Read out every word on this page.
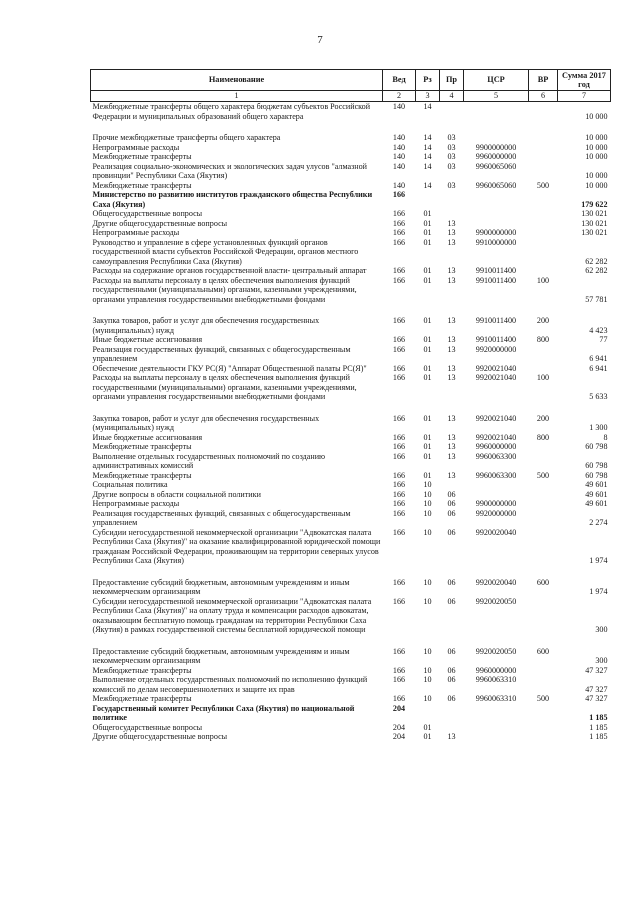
7
Наименование	Вед	Рз	Пр	ЦСР	ВР	Сумма 2017 год
1	2	3	4	5	6	7
Межбюджетные трансферты общего характера бюджетам субъектов Российской Федерации и муниципальных образований общего характера	140	14				10 000

Прочие межбюджетные трансферты общего характера	140	14	03			10 000
Непрограммные расходы	140	14	03	9900000000		10 000
Межбюджетные трансферты	140	14	03	9960000000		10 000
Реализация социально-экономических и экологических задач улусов "алмазной провинции" Республики Саха (Якутия)	140	14	03	9960065060		10 000
Межбюджетные трансферты	140	14	03	9960065060	500	10 000
Министерство по развитию институтов гражданского общества Республики Саха (Якутия)	166					179 622
Общегосударственные вопросы	166	01				130 021
Другие общегосударственные вопросы	166	01	13			130 021
Непрограммные расходы	166	01	13	9900000000		130 021
Руководство и управление в сфере установленных функций органов государственной власти субъектов Российской Федерации, органов местного самоуправления Республики Саха (Якутия)	166	01	13	9910000000		62 282
Расходы на содержание органов государственной власти- центральный аппарат	166	01	13	9910011400		62 282
Расходы на выплаты персоналу в целях обеспечения выполнения функций государственными (муниципальными) органами, казенными учреждениями, органами управления государственными внебюджетными фондами	166	01	13	9910011400	100	57 781

Закупка товаров, работ и услуг для обеспечения государственных (муниципальных) нужд	166	01	13	9910011400	200	4 423
Иные бюджетные ассигнования	166	01	13	9910011400	800	77
Реализация государственных функций, связанных с общегосударственным управлением	166	01	13	9920000000		6 941
Обеспечение деятельности ГКУ РС(Я) "Аппарат Общественной палаты РС(Я)"	166	01	13	9920021040		6 941
Расходы на выплаты персоналу в целях обеспечения выполнения функций государственными (муниципальными) органами, казенными учреждениями, органами управления государственными внебюджетными фондами	166	01	13	9920021040	100	5 633

Закупка товаров, работ и услуг для обеспечения государственных (муниципальных) нужд	166	01	13	9920021040	200	1 300
Иные бюджетные ассигнования	166	01	13	9920021040	800	8
Межбюджетные трансферты	166	01	13	9960000000		60 798
Выполнение отдельных государственных полномочий по созданию административных комиссий	166	01	13	9960063300		60 798
Межбюджетные трансферты	166	01	13	9960063300	500	60 798
Социальная политика	166	10				49 601
Другие вопросы в области социальной политики	166	10	06			49 601
Непрограммные расходы	166	10	06	9900000000		49 601
Реализация государственных функций, связанных с общегосударственным управлением	166	10	06	9920000000		2 274
Субсидии негосударственной некоммерческой организации "Адвокатская палата Республики Саха (Якутия)" на оказание квалифицированной юридической помощи гражданам Российской Федерации, проживающим на территории северных улусов Республики Саха (Якутия)	166	10	06	9920020040		1 974

Предоставление субсидий бюджетным, автономным учреждениям и иным некоммерческим организациям	166	10	06	9920020040	600	1 974
Субсидии негосударственной некоммерческой организации "Адвокатская палата Республики Саха (Якутия)" на оплату труда и компенсации расходов адвокатам, оказывающим бесплатную помощь гражданам на территории Республики Саха (Якутия) в рамках государственной системы бесплатной юридической помощи	166	10	06	9920020050		300

Предоставление субсидий бюджетным, автономным учреждениям и иным некоммерческим организациям	166	10	06	9920020050	600	300
Межбюджетные трансферты	166	10	06	9960000000		47 327
Выполнение отдельных государственных полномочий по исполнению функций комиссий по делам несовершеннолетних и защите их прав	166	10	06	9960063310		47 327
Межбюджетные трансферты	166	10	06	9960063310	500	47 327
Государственный комитет Республики Саха (Якутия) по национальной политике	204					1 185
Общегосударственные вопросы	204	01				1 185
Другие общегосударственные вопросы	204	01	13			1 185
